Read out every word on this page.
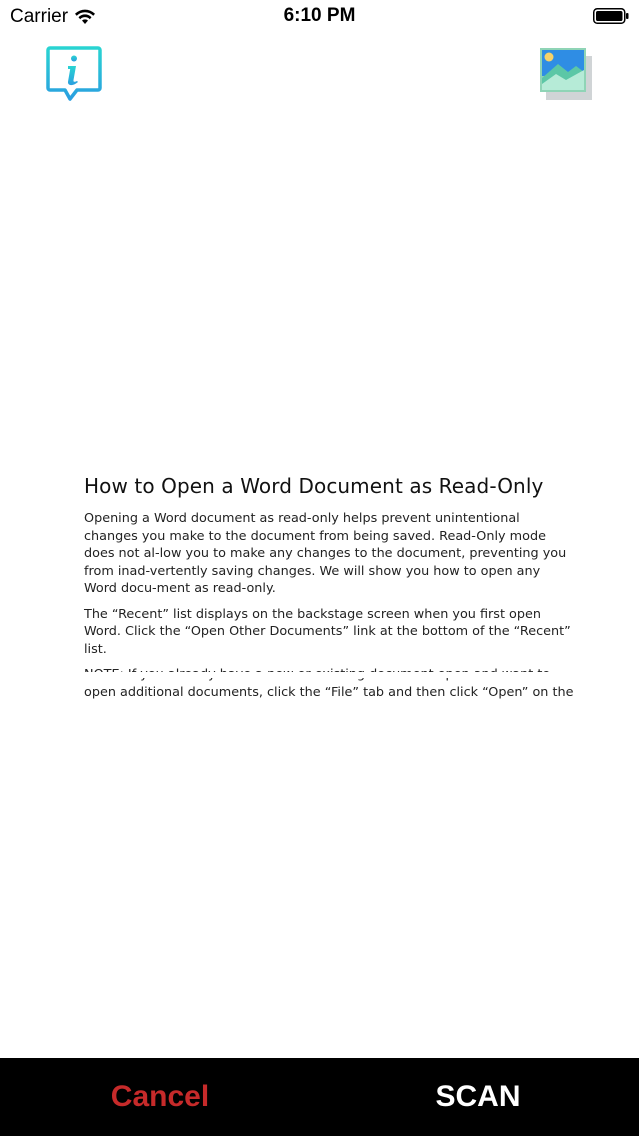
Carrier	6:10 PM
How to Open a Word Document as Read-Only

Opening a Word document as read-only helps prevent unintentional changes you make to the document from being saved. Read-Only mode does not al-low you to make any changes to the document, preventing you from inad-vertently saving changes. We will show you how to open any Word docu-ment as read-only.

The “Recent” list displays on the backstage screen when you first open Word. Click the “Open Other Documents” link at the bottom of the “Recent” list.

open additional documents, click the “File” tab and then click “Open” on the

Cancel	SCAN
